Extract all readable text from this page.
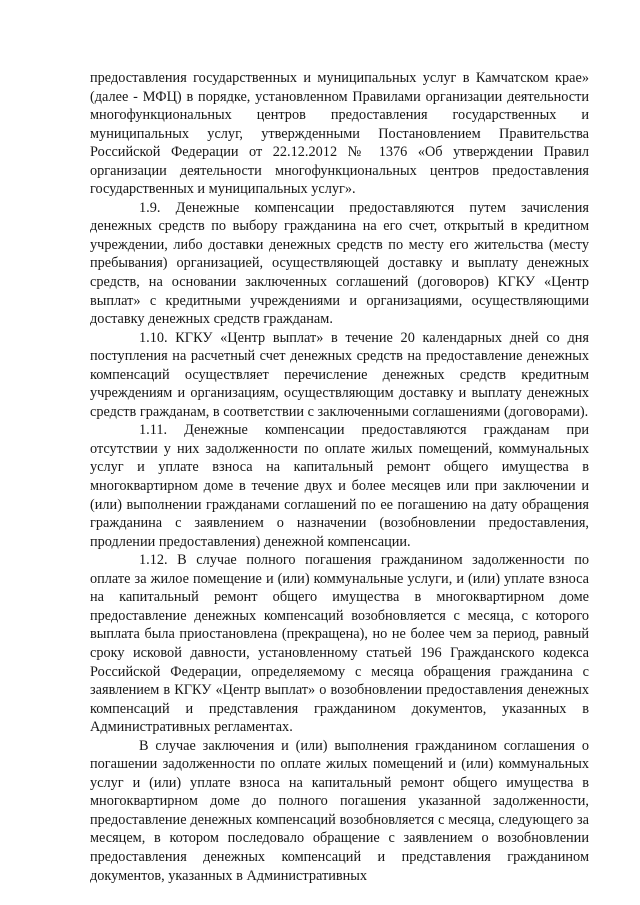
предоставления государственных и муниципальных услуг в Камчатском крае» (далее - МФЦ) в порядке, установленном Правилами организации деятельности многофункциональных центров предоставления государственных и муниципальных услуг, утвержденными Постановлением Правительства Российской Федерации от 22.12.2012 № 1376 «Об утверждении Правил организации деятельности многофункциональных центров предоставления государственных и муниципальных услуг».

1.9. Денежные компенсации предоставляются путем зачисления денежных средств по выбору гражданина на его счет, открытый в кредитном учреждении, либо доставки денежных средств по месту его жительства (месту пребывания) организацией, осуществляющей доставку и выплату денежных средств, на основании заключенных соглашений (договоров) КГКУ «Центр выплат» с кредитными учреждениями и организациями, осуществляющими доставку денежных средств гражданам.

1.10. КГКУ «Центр выплат» в течение 20 календарных дней со дня поступления на расчетный счет денежных средств на предоставление денежных компенсаций осуществляет перечисление денежных средств кредитным учреждениям и организациям, осуществляющим доставку и выплату денежных средств гражданам, в соответствии с заключенными соглашениями (договорами).

1.11. Денежные компенсации предоставляются гражданам при отсутствии у них задолженности по оплате жилых помещений, коммунальных услуг и уплате взноса на капитальный ремонт общего имущества в многоквартирном доме в течение двух и более месяцев или при заключении и (или) выполнении гражданами соглашений по ее погашению на дату обращения гражданина с заявлением о назначении (возобновлении предоставления, продлении предоставления) денежной компенсации.

1.12. В случае полного погашения гражданином задолженности по оплате за жилое помещение и (или) коммунальные услуги, и (или) уплате взноса на капитальный ремонт общего имущества в многоквартирном доме предоставление денежных компенсаций возобновляется с месяца, с которого выплата была приостановлена (прекращена), но не более чем за период, равный сроку исковой давности, установленному статьей 196 Гражданского кодекса Российской Федерации, определяемому с месяца обращения гражданина с заявлением в КГКУ «Центр выплат» о возобновлении предоставления денежных компенсаций и представления гражданином документов, указанных в Административных регламентах.

В случае заключения и (или) выполнения гражданином соглашения о погашении задолженности по оплате жилых помещений и (или) коммунальных услуг и (или) уплате взноса на капитальный ремонт общего имущества в многоквартирном доме до полного погашения указанной задолженности, предоставление денежных компенсаций возобновляется с месяца, следующего за месяцем, в котором последовало обращение с заявлением о возобновлении предоставления денежных компенсаций и представления гражданином документов, указанных в Административных
